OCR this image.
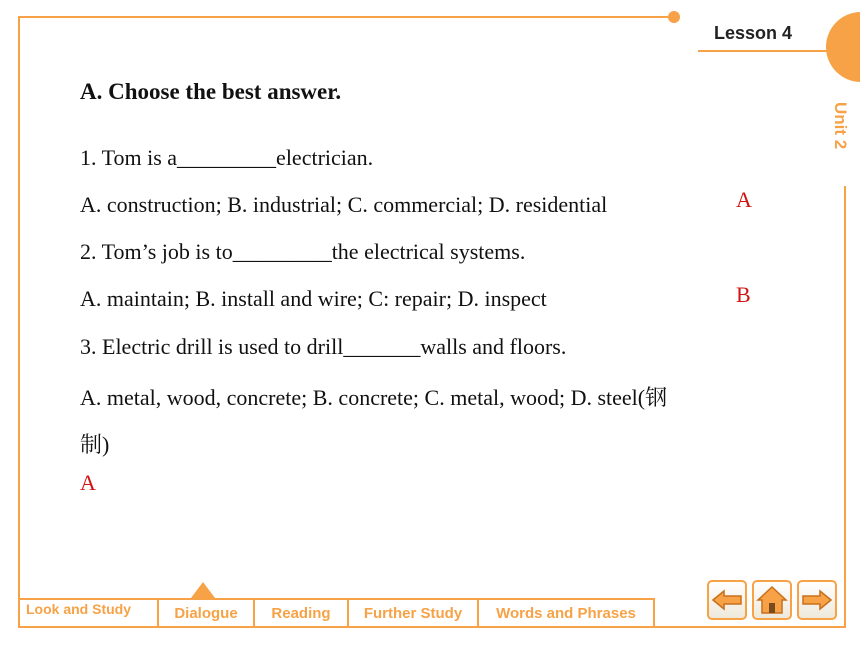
Lesson 4
Unit 2
A. Choose the best answer.
1. Tom is a_________electrician.
A. construction; B. industrial; C. commercial; D. residential	A
2. Tom’s job is to_________the electrical systems.
A. maintain; B. install and wire; C: repair; D. inspect	B
3. Electric drill is used to drill_______walls and floors.
A. metal, wood, concrete; B. concrete; C. metal, wood; D. steel(钢
制)
A
Look and Study	Dialogue	Reading	Further Study	Words and Phrases
